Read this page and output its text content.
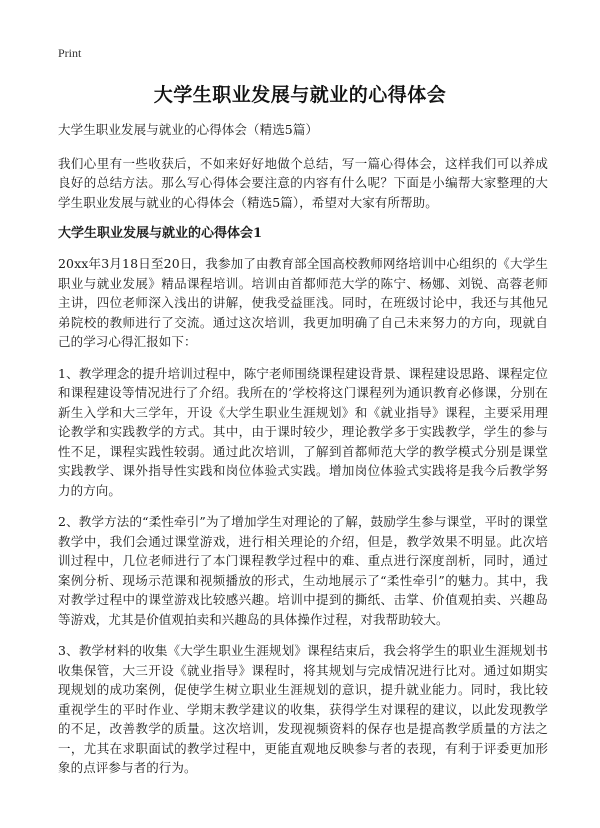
Print
大学生职业发展与就业的心得体会

大学生职业发展与就业的心得体会（精选5篇）

我们心里有一些收获后，不如来好好地做个总结，写一篇心得体会，这样我们可以养成良好的总结方法。那么写心得体会要注意的内容有什么呢？下面是小编帮大家整理的大学生职业发展与就业的心得体会（精选5篇），希望对大家有所帮助。

大学生职业发展与就业的心得体会1

20xx年3月18日至20日，我参加了由教育部全国高校教师网络培训中心组织的《大学生职业与就业发展》精品课程培训。培训由首都师范大学的陈宁、杨娜、刘锐、高蓉老师主讲，四位老师深入浅出的讲解，使我受益匪浅。同时，在班级讨论中，我还与其他兄弟院校的教师进行了交流。通过这次培训，我更加明确了自己未来努力的方向，现就自己的学习心得汇报如下：

1、教学理念的提升培训过程中，陈宁老师围绕课程建设背景、课程建设思路、课程定位和课程建设等情况进行了介绍。我所在的’学校将这门课程列为通识教育必修课，分别在新生入学和大三学年，开设《大学生职业生涯规划》和《就业指导》课程，主要采用理论教学和实践教学的方式。其中，由于课时较少，理论教学多于实践教学，学生的参与性不足，课程实践性较弱。通过此次培训，了解到首都师范大学的教学模式分别是课堂实践教学、课外指导性实践和岗位体验式实践。增加岗位体验式实践将是我今后教学努力的方向。

2、教学方法的“柔性牵引”为了增加学生对理论的了解，鼓励学生参与课堂，平时的课堂教学中，我们会通过课堂游戏，进行相关理论的介绍，但是，教学效果不明显。此次培训过程中，几位老师进行了本门课程教学过程中的难、重点进行深度剖析，同时，通过案例分析、现场示范课和视频播放的形式，生动地展示了“柔性牵引”的魅力。其中，我对教学过程中的课堂游戏比较感兴趣。培训中提到的撕纸、击掌、价值观拍卖、兴趣岛等游戏，尤其是价值观拍卖和兴趣岛的具体操作过程，对我帮助较大。

3、教学材料的收集《大学生职业生涯规划》课程结束后，我会将学生的职业生涯规划书收集保管，大三开设《就业指导》课程时，将其规划与完成情况进行比对。通过如期实现规划的成功案例，促使学生树立职业生涯规划的意识，提升就业能力。同时，我比较重视学生的平时作业、学期末教学建议的收集，获得学生对课程的建议，以此发现教学的不足，改善教学的质量。这次培训，发现视频资料的保存也是提高教学质量的方法之一，尤其在求职面试的教学过程中，更能直观地反映参与者的表现，有利于评委更加形象的点评参与者的行为。
